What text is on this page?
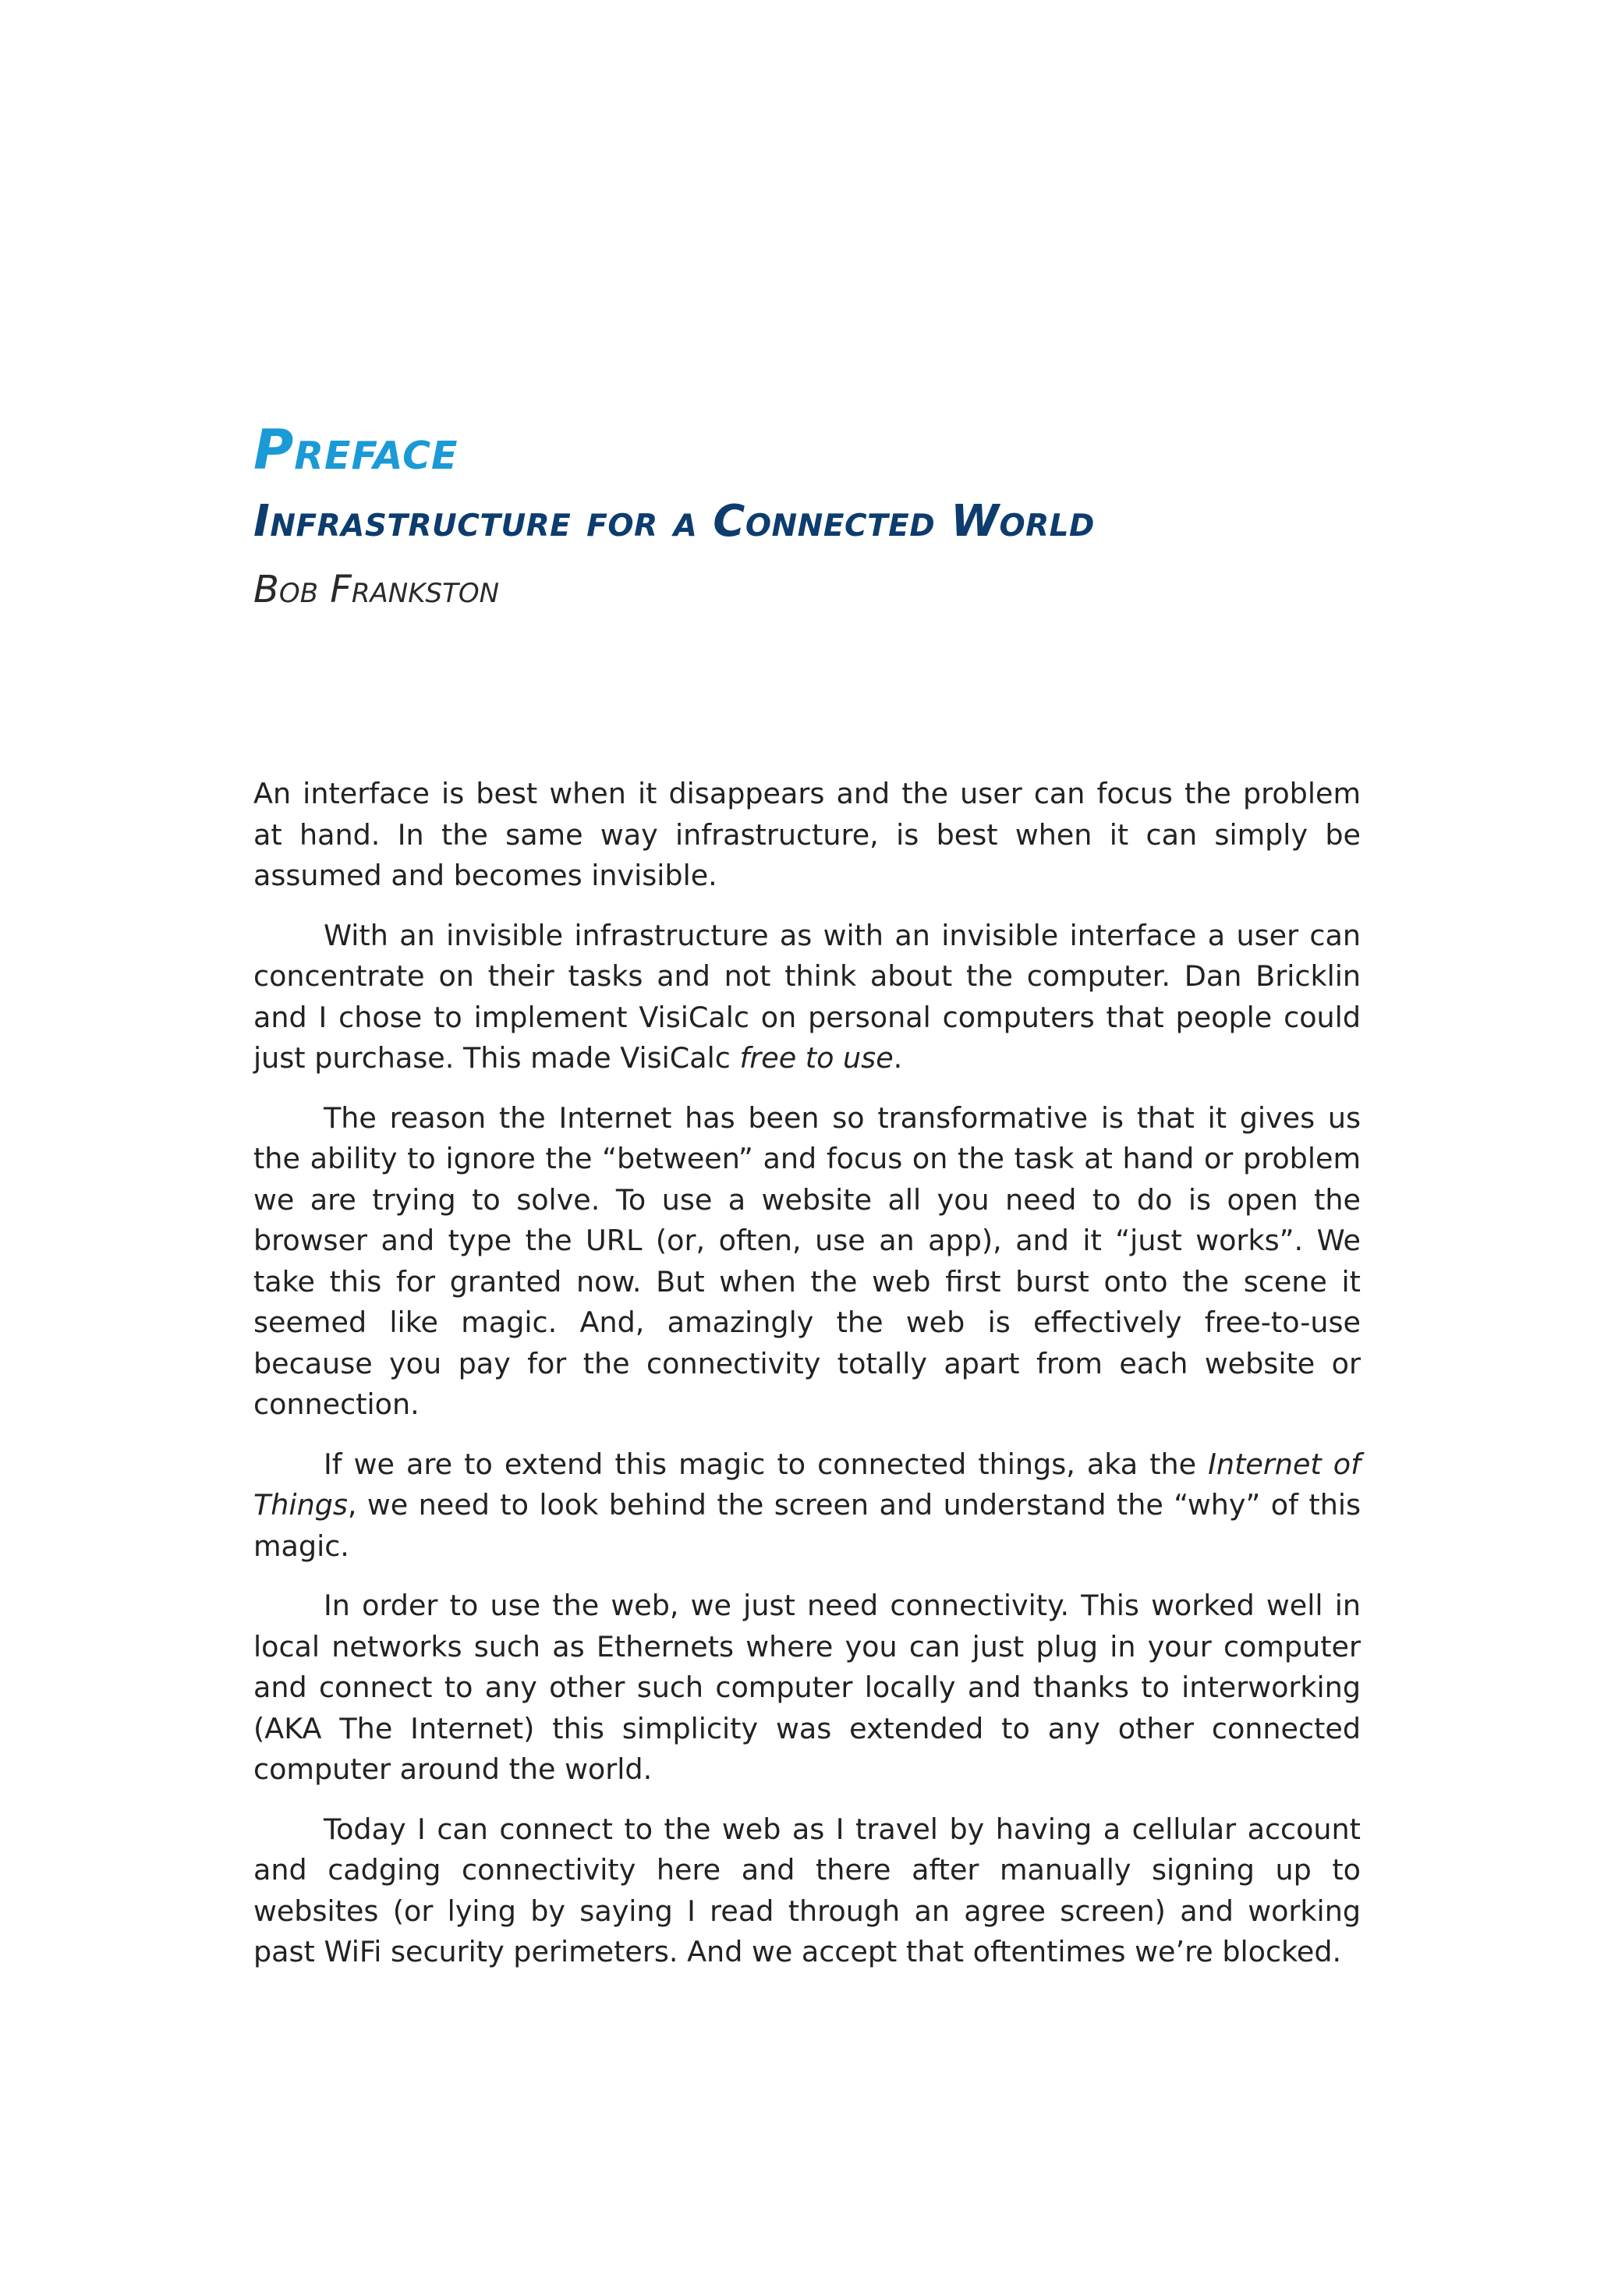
Preface
Infrastructure for a Connected World
Bob Frankston

An interface is best when it disappears and the user can focus the problem at hand. In the same way infrastructure, is best when it can simply be assumed and becomes invisible.

With an invisible infrastructure as with an invisible interface a user can concentrate on their tasks and not think about the computer. Dan Bricklin and I chose to implement VisiCalc on personal computers that people could just purchase. This made VisiCalc free to use.

The reason the Internet has been so transformative is that it gives us the ability to ignore the “between” and focus on the task at hand or problem we are trying to solve. To use a website all you need to do is open the browser and type the URL (or, often, use an app), and it “just works”. We take this for granted now. But when the web first burst onto the scene it seemed like magic. And, amazingly the web is effectively free-to-use because you pay for the connectivity totally apart from each website or connection.

If we are to extend this magic to connected things, aka the Internet of Things, we need to look behind the screen and understand the “why” of this magic.

In order to use the web, we just need connectivity. This worked well in local networks such as Ethernets where you can just plug in your computer and connect to any other such computer locally and thanks to interworking (AKA The Internet) this simplicity was extended to any other connected computer around the world.

Today I can connect to the web as I travel by having a cellular account and cadging connectivity here and there after manually signing up to websites (or lying by saying I read through an agree screen) and working past WiFi security perimeters. And we accept that oftentimes we’re blocked.
